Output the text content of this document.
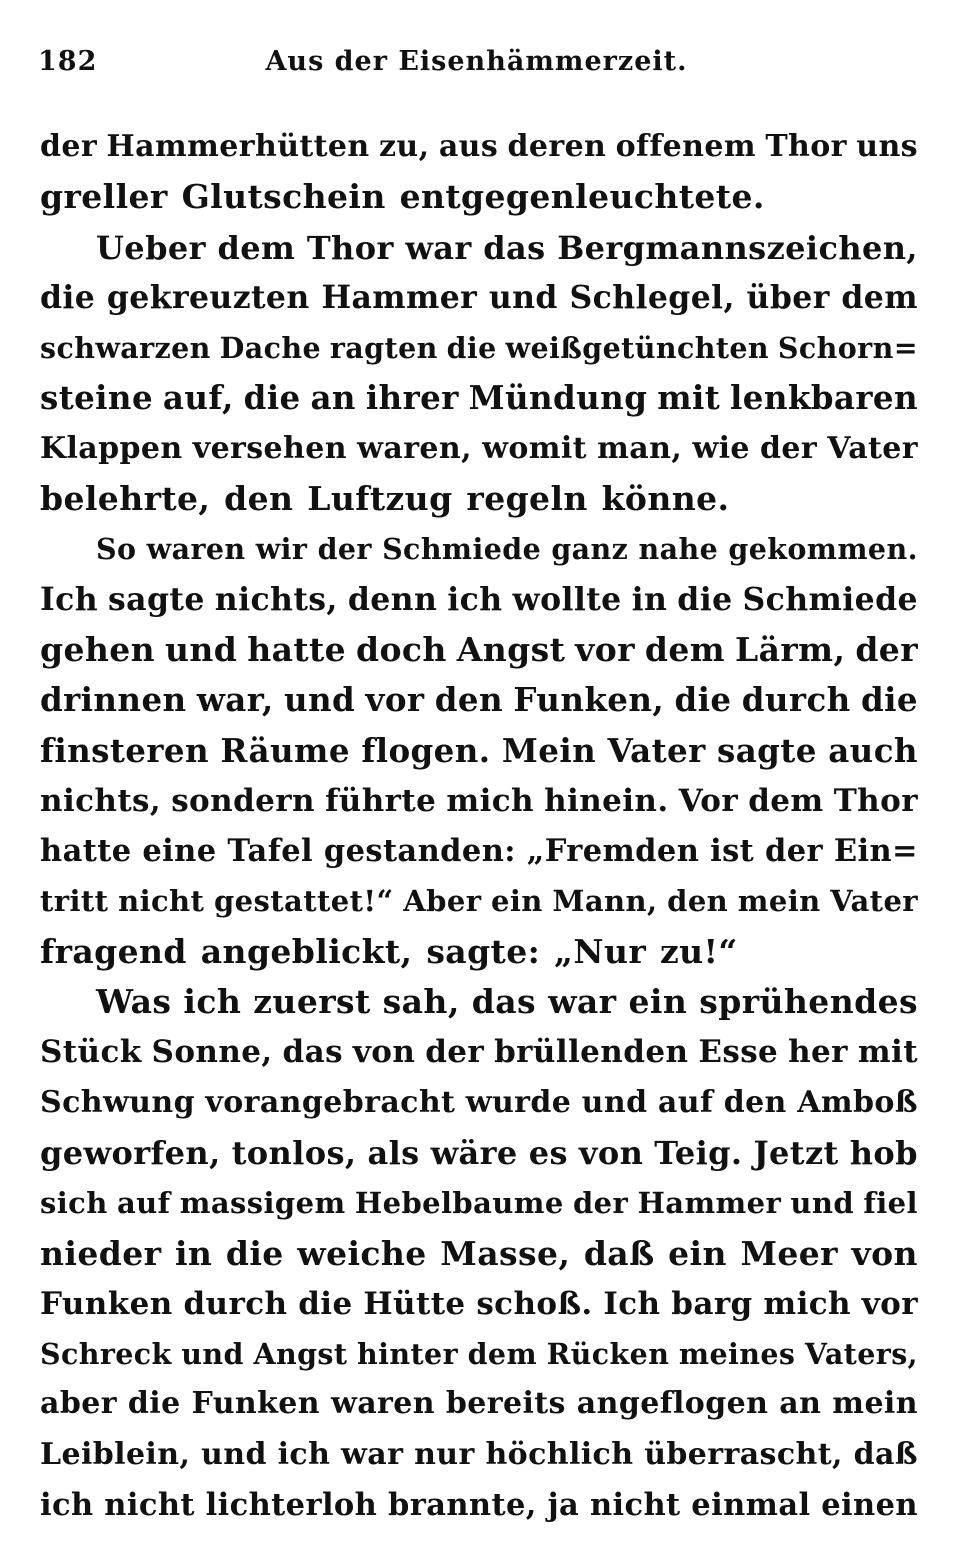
182	Aus der Eisenhämmerzeit.
der Hammerhütten zu, aus deren offenem Thor uns
greller Glutschein entgegenleuchtete.
Ueber dem Thor war das Bergmannszeichen,
die gekreuzten Hammer und Schlegel, über dem
schwarzen Dache ragten die weißgetünchten Schorn=
steine auf, die an ihrer Mündung mit lenkbaren
Klappen versehen waren, womit man, wie der Vater
belehrte, den Luftzug regeln könne.
So waren wir der Schmiede ganz nahe gekommen.
Ich sagte nichts, denn ich wollte in die Schmiede
gehen und hatte doch Angst vor dem Lärm, der
drinnen war, und vor den Funken, die durch die
finsteren Räume flogen. Mein Vater sagte auch
nichts, sondern führte mich hinein. Vor dem Thor
hatte eine Tafel gestanden: „Fremden ist der Ein=
tritt nicht gestattet!“ Aber ein Mann, den mein Vater
fragend angeblickt, sagte: „Nur zu!“
Was ich zuerst sah, das war ein sprühendes
Stück Sonne, das von der brüllenden Esse her mit
Schwung vorangebracht wurde und auf den Amboß
geworfen, tonlos, als wäre es von Teig. Jetzt hob
sich auf massigem Hebelbaume der Hammer und fiel
nieder in die weiche Masse, daß ein Meer von
Funken durch die Hütte schoß. Ich barg mich vor
Schreck und Angst hinter dem Rücken meines Vaters,
aber die Funken waren bereits angeflogen an mein
Leiblein, und ich war nur höchlich überrascht, daß
ich nicht lichterloh brannte, ja nicht einmal einen
